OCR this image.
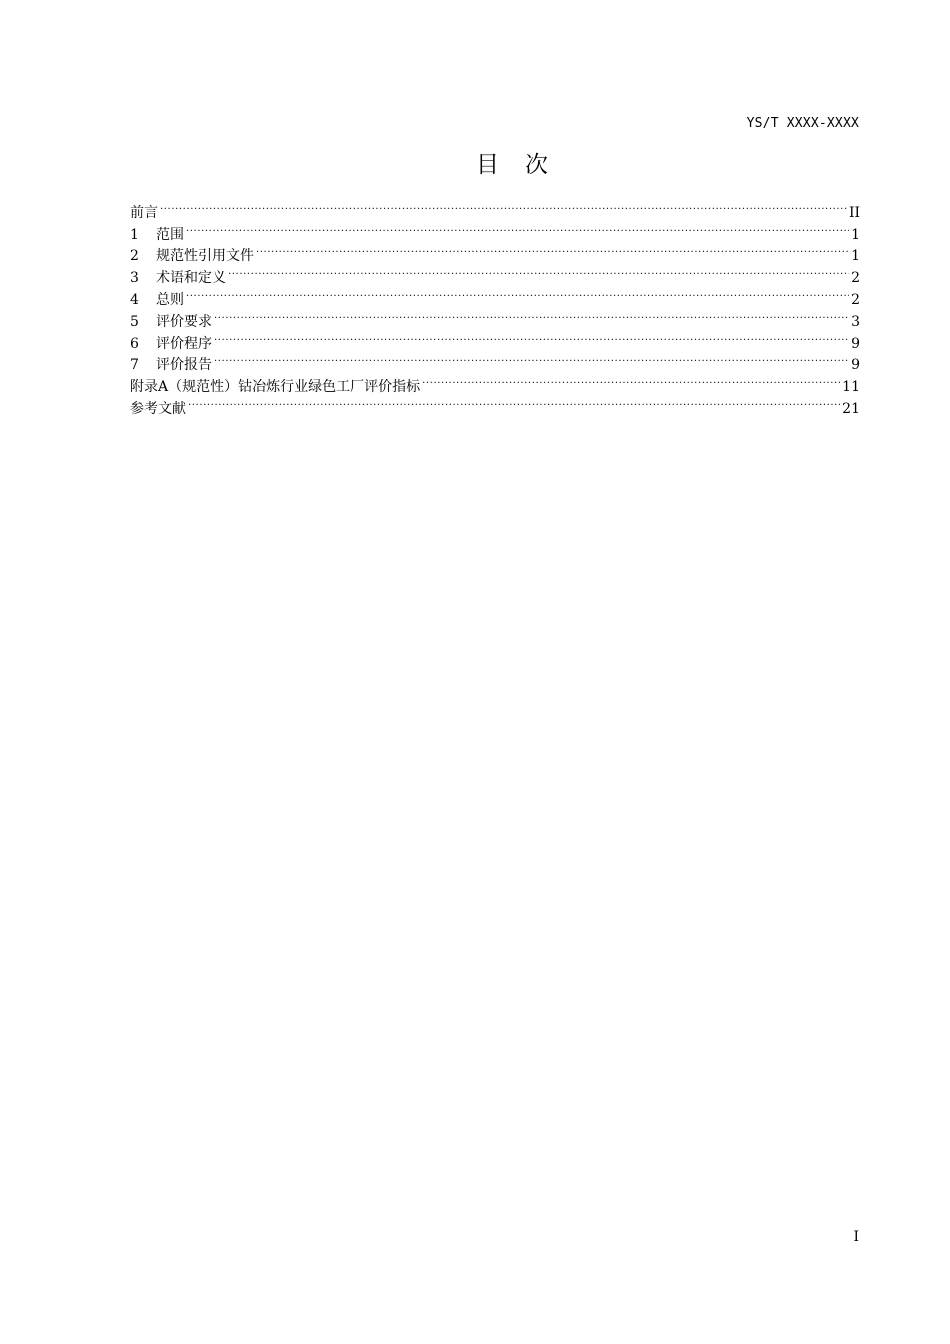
YS/T XXXX-XXXX
目次
前言 .....	II
1	范围 .....	1
2	规范性引用文件 .....	1
3	术语和定义 .....	2
4	总则 .....	2
5	评价要求 .....	3
6	评价程序 .....	9
7	评价报告 .....	9
附录A（规范性）钴冶炼行业绿色工厂评价指标 .....	11
参考文献 .....	21
I
